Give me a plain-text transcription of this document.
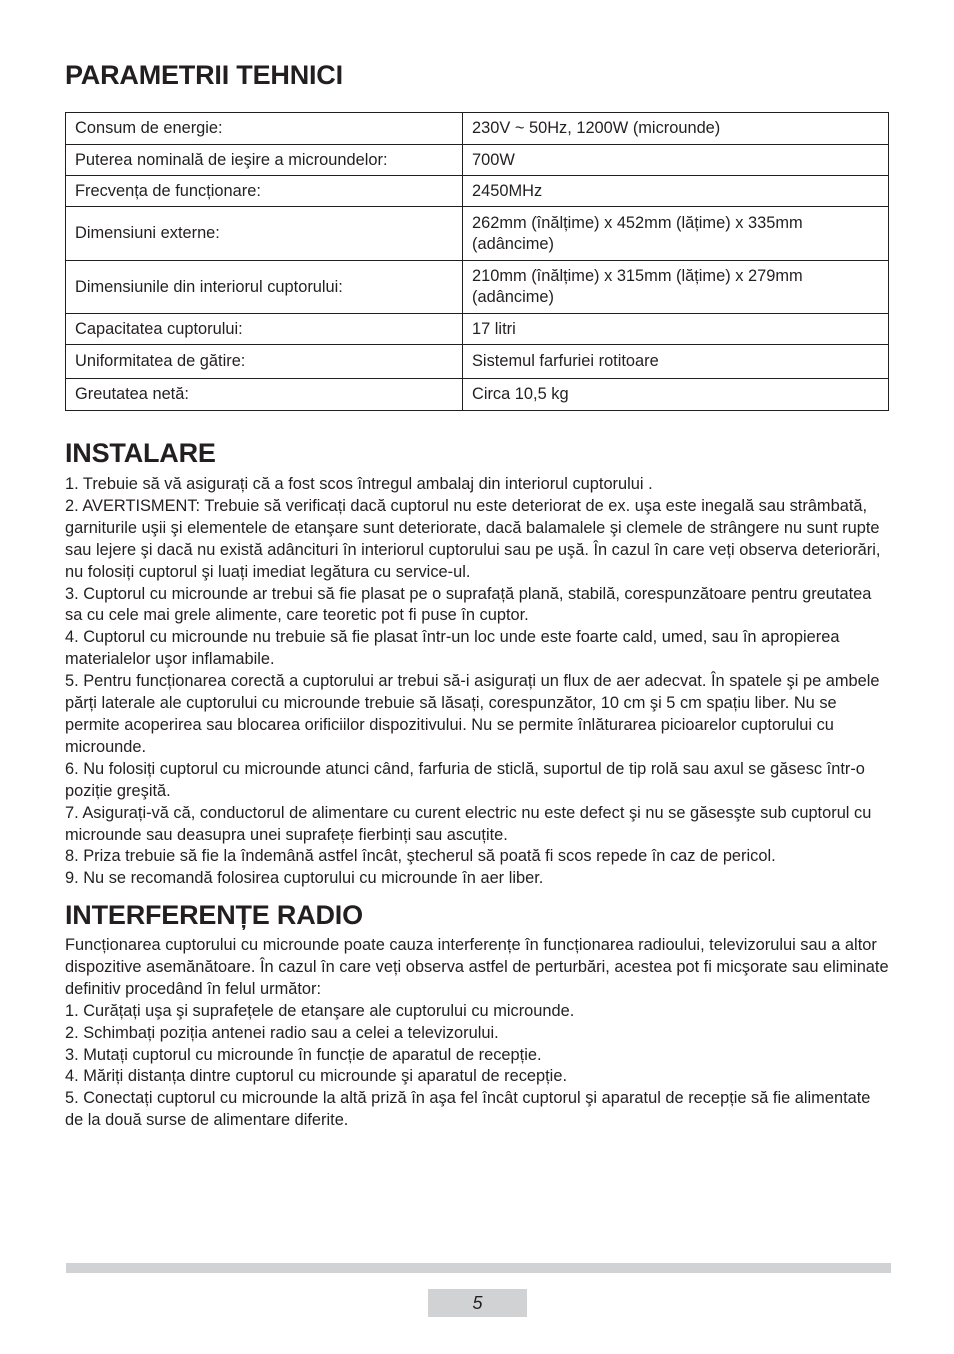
PARAMETRII TEHNICI
Consum de energie:	230V ~ 50Hz, 1200W (microunde)
Puterea nominală de ieşire a microundelor:	700W
Frecvența de funcționare:	2450MHz
Dimensiuni externe:	262mm (înălțime) x 452mm (lățime) x 335mm (adâncime)
Dimensiunile din interiorul cuptorului:	210mm (înălțime) x 315mm (lățime) x 279mm (adâncime)
Capacitatea cuptorului:	17 litri
Uniformitatea de gătire:	Sistemul farfuriei rotitoare
Greutatea netă:	Circa 10,5 kg
INSTALARE

1. Trebuie să vă asigurați că a fost scos întregul ambalaj din interiorul cuptorului .

2. AVERTISMENT: Trebuie să verificați dacă cuptorul nu este deteriorat de ex. uşa este inegală sau strâmbată, garniturile uşii şi elementele de etanşare sunt deteriorate, dacă balamalele şi clemele de strângere nu sunt rupte sau lejere şi dacă nu există adâncituri în interiorul cuptorului sau pe uşă. În cazul în care veți observa deteriorări, nu folosiți cuptorul şi luați imediat legătura cu service-ul.

3. Cuptorul cu microunde ar trebui să fie plasat pe o suprafață plană, stabilă, corespunzătoare pentru greutatea sa cu cele mai grele alimente, care teoretic pot fi puse în cuptor.

4. Cuptorul cu microunde nu trebuie să fie plasat într-un loc unde este foarte cald, umed, sau în apropierea materialelor uşor inflamabile.

5. Pentru funcționarea corectă a cuptorului ar trebui să-i asigurați un flux de aer adecvat. În spatele şi pe ambele părți laterale ale cuptorului cu microunde trebuie să lăsați, corespunzător, 10 cm şi 5 cm spațiu liber. Nu se permite acoperirea sau blocarea orificiilor dispozitivului. Nu se permite înlăturarea picioarelor cuptorului cu microunde.

6. Nu folosiți cuptorul cu microunde atunci când, farfuria de sticlă, suportul de tip rolă sau axul se găsesc într-o poziție greşită.

7. Asigurați-vă că, conductorul de alimentare cu curent electric nu este defect şi nu se găsesşte sub cuptorul cu microunde sau deasupra unei suprafețe fierbinți sau ascuțite.

8. Priza trebuie să fie la îndemână astfel încât, ştecherul să poată fi scos repede în caz de pericol.

9. Nu se recomandă folosirea cuptorului cu microunde în aer liber.

INTERFERENȚE RADIO

Funcționarea cuptorului cu microunde poate cauza interferențe în funcționarea radioului, televizorului sau a altor dispozitive asemănătoare. În cazul în care veți observa astfel de perturbări, acestea pot fi micşorate sau eliminate definitiv procedând în felul următor:

1. Curățați uşa şi suprafețele de etanşare ale cuptorului cu microunde.

2. Schimbați poziția antenei radio sau a celei a televizorului.

3. Mutați cuptorul cu microunde în funcție de aparatul de recepție.

4. Măriți distanța dintre cuptorul cu microunde şi aparatul de recepție.

5. Conectați cuptorul cu microunde la altă priză în aşa fel încât cuptorul şi aparatul de recepție să fie alimentate de la două surse de alimentare diferite.

5
